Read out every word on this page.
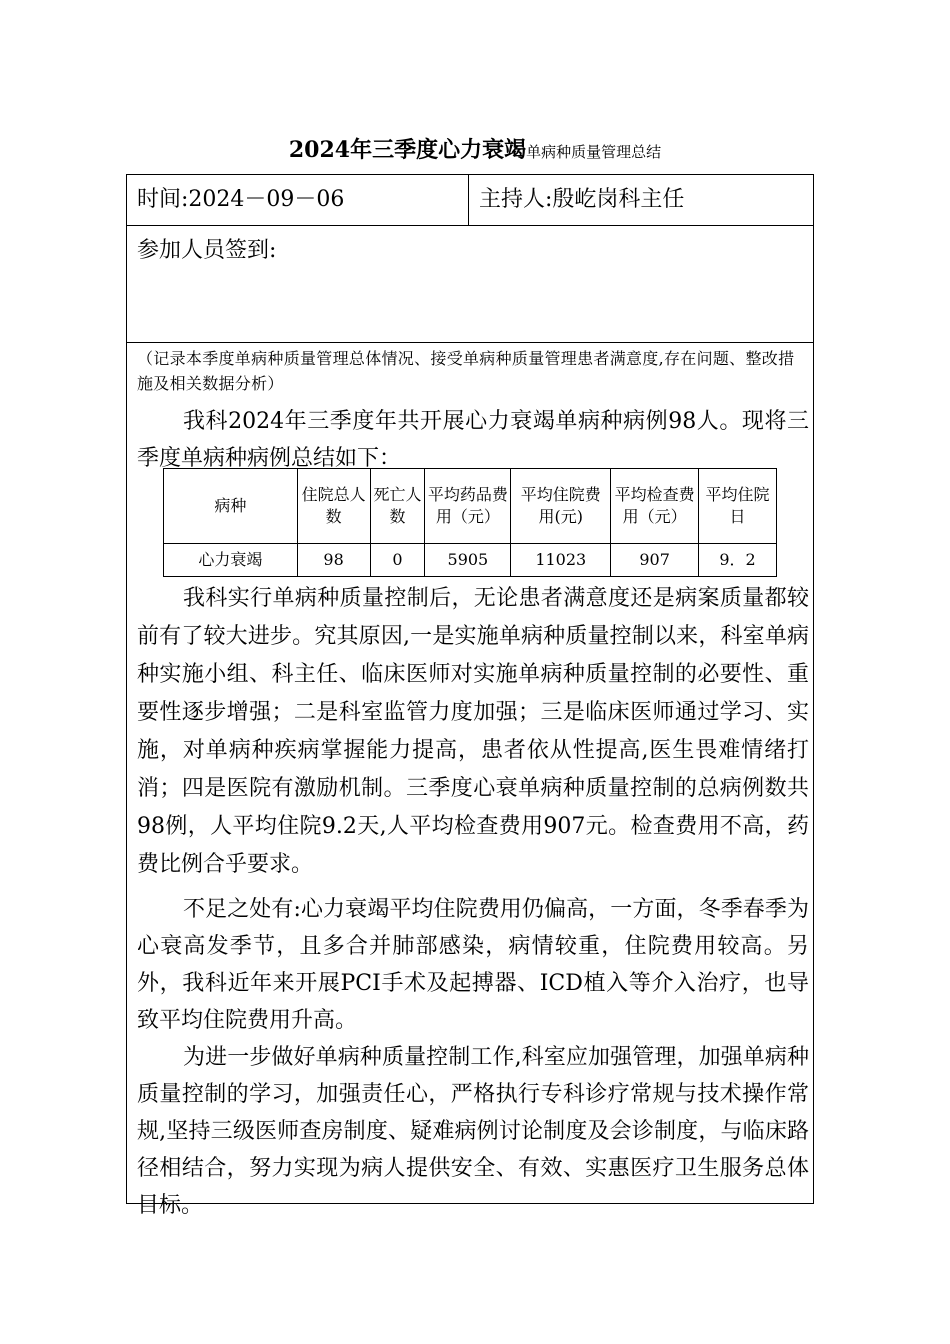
2024年三季度心力衰竭单病种质量管理总结
时间:2024－09－06	主持人:殷屹岗科主任
参加人员签到:
（记录本季度单病种质量管理总体情况、接受单病种质量管理患者满意度,存在问题、整改措施及相关数据分析）
我科2024年三季度年共开展心力衰竭单病种病例98人。现将三季度单病种病例总结如下：
病种	住院总人数	死亡人数	平均药品费用（元）	平均住院费用(元)	平均检查费用（元）	平均住院日
心力衰竭	98	0	5905	11023	907	9．2
我科实行单病种质量控制后，无论患者满意度还是病案质量都较前有了较大进步。究其原因,一是实施单病种质量控制以来，科室单病种实施小组、科主任、临床医师对实施单病种质量控制的必要性、重要性逐步增强；二是科室监管力度加强；三是临床医师通过学习、实施，对单病种疾病掌握能力提高，患者依从性提高,医生畏难情绪打消；四是医院有激励机制。三季度心衰单病种质量控制的总病例数共98例，人平均住院9.2天,人平均检查费用907元。检查费用不高，药费比例合乎要求。
不足之处有:心力衰竭平均住院费用仍偏高，一方面，冬季春季为心衰高发季节，且多合并肺部感染，病情较重，住院费用较高。另外，我科近年来开展PCI手术及起搏器、ICD植入等介入治疗，也导致平均住院费用升高。
为进一步做好单病种质量控制工作,科室应加强管理，加强单病种质量控制的学习，加强责任心，严格执行专科诊疗常规与技术操作常规,坚持三级医师查房制度、疑难病例讨论制度及会诊制度，与临床路径相结合，努力实现为病人提供安全、有效、实惠医疗卫生服务总体目标。
